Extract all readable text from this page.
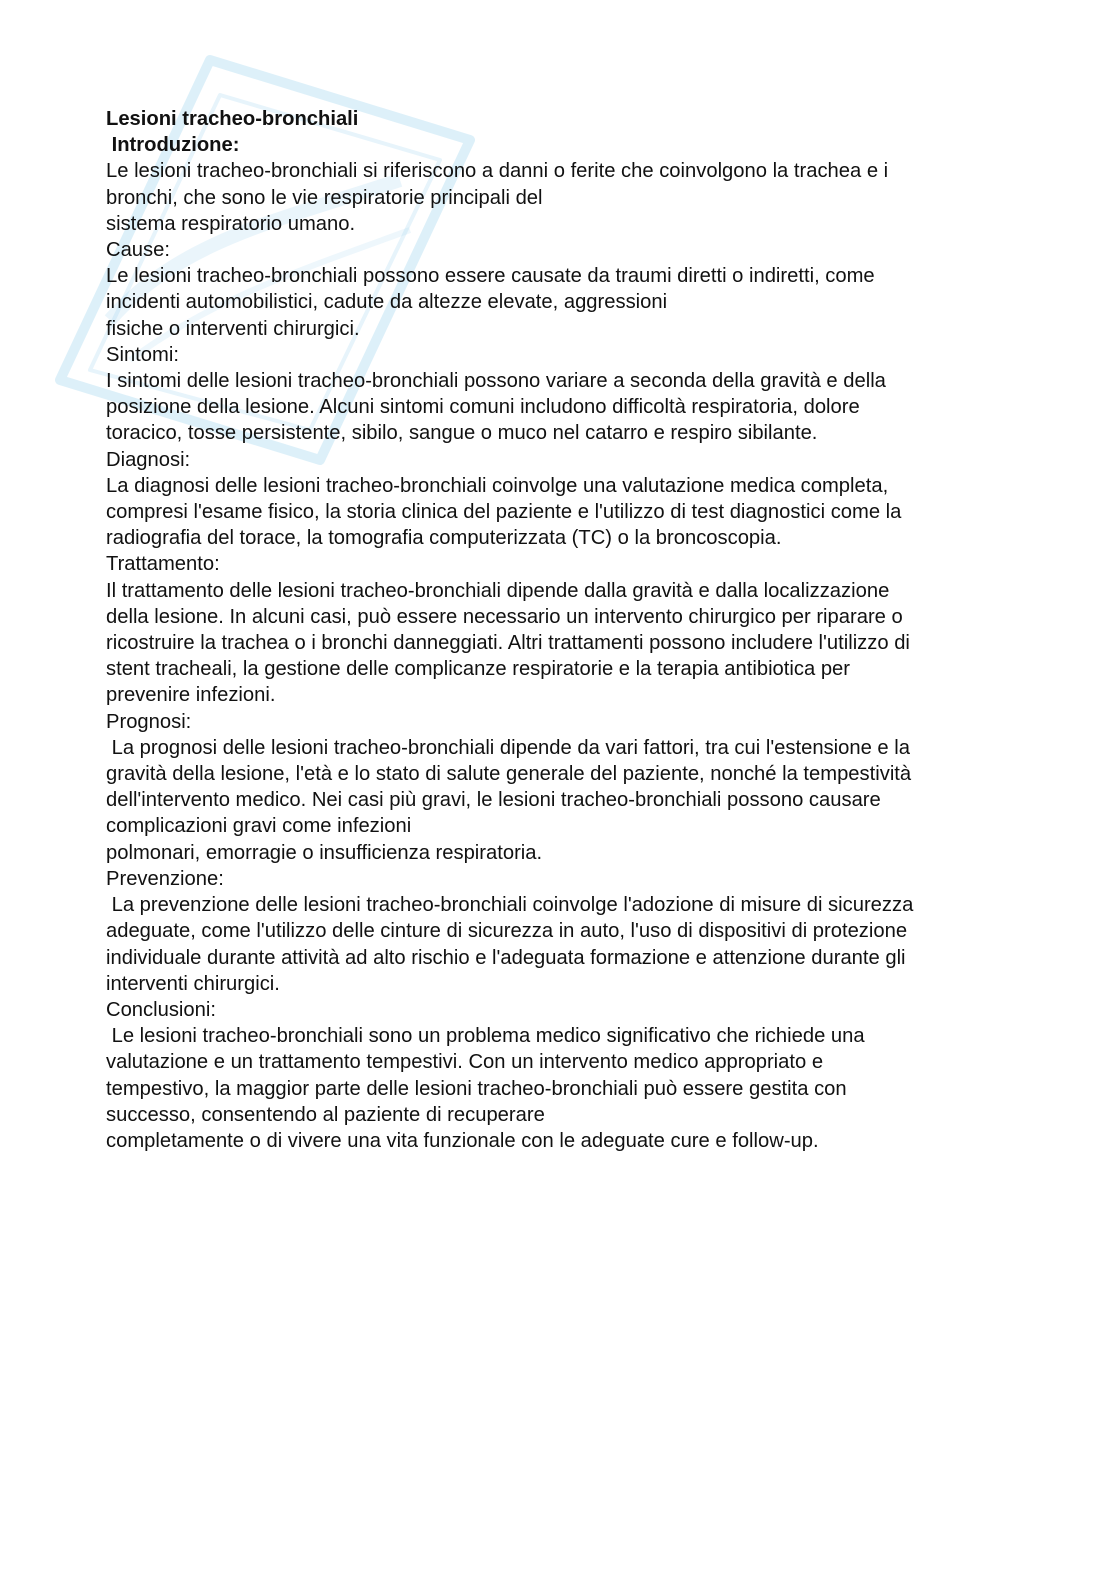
Lesioni tracheo-bronchiali
Introduzione:
Le lesioni tracheo-bronchiali si riferiscono a danni o ferite che coinvolgono la trachea e i
bronchi, che sono le vie respiratorie principali del
sistema respiratorio umano.
Cause:
Le lesioni tracheo-bronchiali possono essere causate da traumi diretti o indiretti, come
incidenti automobilistici, cadute da altezze elevate, aggressioni
fisiche o interventi chirurgici.
Sintomi:
I sintomi delle lesioni tracheo-bronchiali possono variare a seconda della gravità e della
posizione della lesione. Alcuni sintomi comuni includono difficoltà respiratoria, dolore
toracico, tosse persistente, sibilo, sangue o muco nel catarro e respiro sibilante.
Diagnosi:
La diagnosi delle lesioni tracheo-bronchiali coinvolge una valutazione medica completa,
compresi l'esame fisico, la storia clinica del paziente e l'utilizzo di test diagnostici come la
radiografia del torace, la tomografia computerizzata (TC) o la broncoscopia.
Trattamento:
Il trattamento delle lesioni tracheo-bronchiali dipende dalla gravità e dalla localizzazione
della lesione. In alcuni casi, può essere necessario un intervento chirurgico per riparare o
ricostruire la trachea o i bronchi danneggiati. Altri trattamenti possono includere l'utilizzo di
stent tracheali, la gestione delle complicanze respiratorie e la terapia antibiotica per
prevenire infezioni.
Prognosi:
La prognosi delle lesioni tracheo-bronchiali dipende da vari fattori, tra cui l'estensione e la
gravità della lesione, l'età e lo stato di salute generale del paziente, nonché la tempestività
dell'intervento medico. Nei casi più gravi, le lesioni tracheo-bronchiali possono causare
complicazioni gravi come infezioni
polmonari, emorragie o insufficienza respiratoria.
Prevenzione:
La prevenzione delle lesioni tracheo-bronchiali coinvolge l'adozione di misure di sicurezza
adeguate, come l'utilizzo delle cinture di sicurezza in auto, l'uso di dispositivi di protezione
individuale durante attività ad alto rischio e l'adeguata formazione e attenzione durante gli
interventi chirurgici.
Conclusioni:
Le lesioni tracheo-bronchiali sono un problema medico significativo che richiede una
valutazione e un trattamento tempestivi. Con un intervento medico appropriato e
tempestivo, la maggior parte delle lesioni tracheo-bronchiali può essere gestita con
successo, consentendo al paziente di recuperare
completamente o di vivere una vita funzionale con le adeguate cure e follow-up.
